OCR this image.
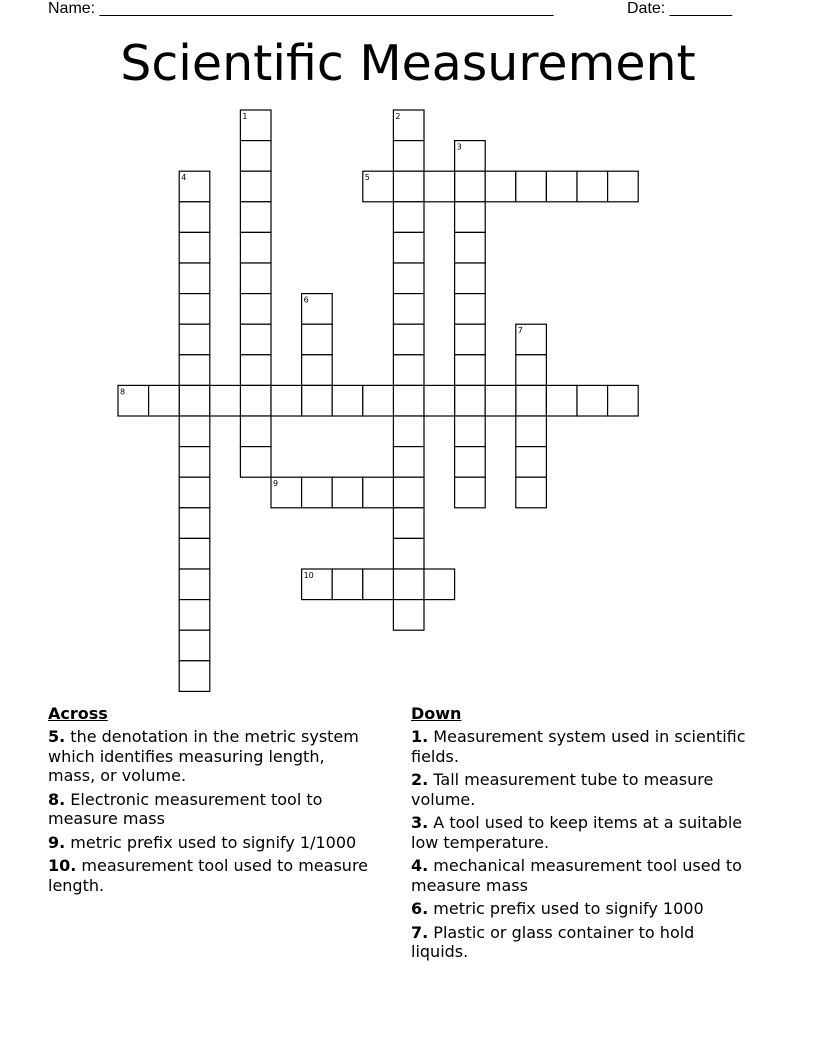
Name: ___________________________________________________	Date: _______
Scientific Measurement
1	2
3
4	5
6
7
8
9
10
Across
5. the denotation in the metric system which identifies measuring length, mass, or volume.
8. Electronic measurement tool to measure mass
9. metric prefix used to signify 1/1000
10. measurement tool used to measure length.
Down
1. Measurement system used in scientific fields.
2. Tall measurement tube to measure volume.
3. A tool used to keep items at a suitable low temperature.
4. mechanical measurement tool used to measure mass
6. metric prefix used to signify 1000
7. Plastic or glass container to hold liquids.
